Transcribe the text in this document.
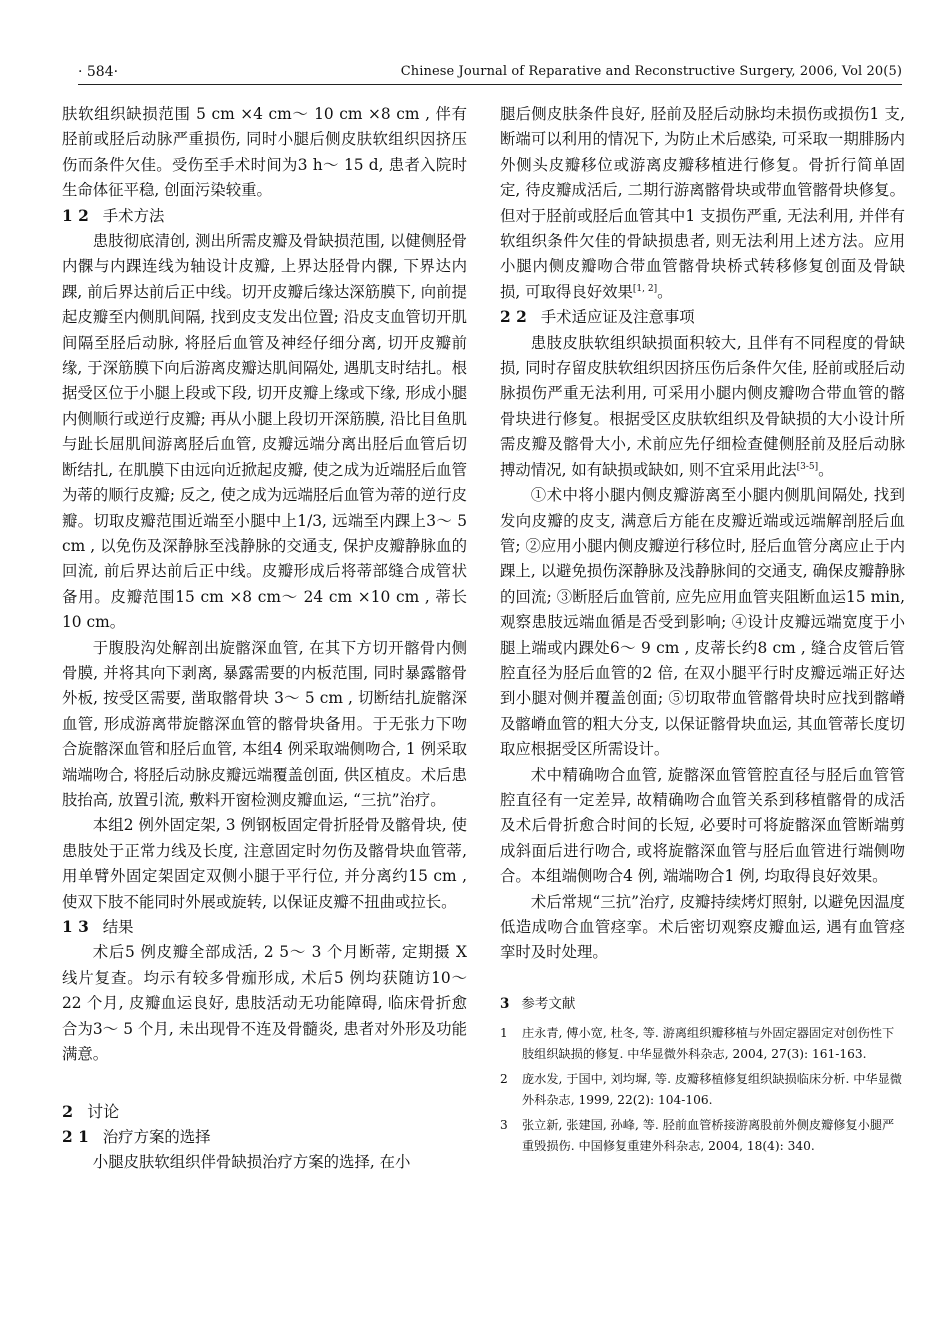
· 584·	Chinese Journal of Reparative and Reconstructive Surgery, 2006, Vol 20(5)

肤软组织缺损范围 5 cm ×4 cm～ 10 cm ×8 cm , 伴有胫前或胫后动脉严重损伤, 同时小腿后侧皮肤软组织因挤压伤而条件欠佳。受伤至手术时间为3 h～ 15 d, 患者入院时生命体征平稳, 创面污染较重。

1 2 手术方法

患肢彻底清创, 测出所需皮瓣及骨缺损范围, 以健侧胫骨内髁与内踝连线为轴设计皮瓣, 上界达胫骨内髁, 下界达内踝, 前后界达前后正中线。切开皮瓣后缘达深筋膜下, 向前提起皮瓣至内侧肌间隔, 找到皮支发出位置; 沿皮支血管切开肌间隔至胫后动脉, 将胫后血管及神经仔细分离, 切开皮瓣前缘, 于深筋膜下向后游离皮瓣达肌间隔处, 遇肌支时结扎。根据受区位于小腿上段或下段, 切开皮瓣上缘或下缘, 形成小腿内侧顺行或逆行皮瓣; 再从小腿上段切开深筋膜, 沿比目鱼肌与趾长屈肌间游离胫后血管, 皮瓣远端分离出胫后血管后切断结扎, 在肌膜下由远向近掀起皮瓣, 使之成为近端胫后血管为蒂的顺行皮瓣; 反之, 使之成为远端胫后血管为蒂的逆行皮瓣。切取皮瓣范围近端至小腿中上1/3, 远端至内踝上3～ 5 cm , 以免伤及深静脉至浅静脉的交通支, 保护皮瓣静脉血的回流, 前后界达前后正中线。皮瓣形成后将蒂部缝合成管状备用。皮瓣范围15 cm ×8 cm～ 24 cm ×10 cm , 蒂长10 cm。

于腹股沟处解剖出旋髂深血管, 在其下方切开髂骨内侧骨膜, 并将其向下剥离, 暴露需要的内板范围, 同时暴露髂骨外板, 按受区需要, 凿取髂骨块 3～ 5 cm , 切断结扎旋髂深血管, 形成游离带旋髂深血管的髂骨块备用。于无张力下吻合旋髂深血管和胫后血管, 本组4 例采取端侧吻合, 1 例采取端端吻合, 将胫后动脉皮瓣远端覆盖创面, 供区植皮。术后患肢抬高, 放置引流, 敷料开窗检测皮瓣血运, “三抗”治疗。

本组2 例外固定架, 3 例钢板固定骨折胫骨及髂骨块, 使患肢处于正常力线及长度, 注意固定时勿伤及髂骨块血管蒂, 用单臂外固定架固定双侧小腿于平行位, 并分离约15 cm , 使双下肢不能同时外展或旋转, 以保证皮瓣不扭曲或拉长。

1 3 结果

术后5 例皮瓣全部成活, 2 5～ 3 个月断蒂, 定期摄 X 线片复查。均示有较多骨痂形成, 术后5 例均获随访10～ 22 个月, 皮瓣血运良好, 患肢活动无功能障碍, 临床骨折愈合为3～ 5 个月, 未出现骨不连及骨髓炎, 患者对外形及功能满意。

2 讨论

2 1 治疗方案的选择

小腿皮肤软组织伴骨缺损治疗方案的选择, 在小

腿后侧皮肤条件良好, 胫前及胫后动脉均未损伤或损伤1 支, 断端可以利用的情况下, 为防止术后感染, 可采取一期腓肠内外侧头皮瓣移位或游离皮瓣移植进行修复。骨折行简单固定, 待皮瓣成活后, 二期行游离髂骨块或带血管髂骨块修复。但对于胫前或胫后血管其中1 支损伤严重, 无法利用, 并伴有软组织条件欠佳的骨缺损患者, 则无法利用上述方法。应用小腿内侧皮瓣吻合带血管髂骨块桥式转移修复创面及骨缺损, 可取得良好效果[1, 2]。

2 2 手术适应证及注意事项

患肢皮肤软组织缺损面积较大, 且伴有不同程度的骨缺损, 同时存留皮肤软组织因挤压伤后条件欠佳, 胫前或胫后动脉损伤严重无法利用, 可采用小腿内侧皮瓣吻合带血管的髂骨块进行修复。根据受区皮肤软组织及骨缺损的大小设计所需皮瓣及髂骨大小, 术前应先仔细检查健侧胫前及胫后动脉搏动情况, 如有缺损或缺如, 则不宜采用此法[3-5]。

①术中将小腿内侧皮瓣游离至小腿内侧肌间隔处, 找到发向皮瓣的皮支, 满意后方能在皮瓣近端或远端解剖胫后血管; ②应用小腿内侧皮瓣逆行移位时, 胫后血管分离应止于内踝上, 以避免损伤深静脉及浅静脉间的交通支, 确保皮瓣静脉的回流; ③断胫后血管前, 应先应用血管夹阻断血运15 min, 观察患肢远端血循是否受到影响; ④设计皮瓣远端宽度于小腿上端或内踝处6～ 9 cm , 皮蒂长约8 cm , 缝合皮管后管腔直径为胫后血管的2 倍, 在双小腿平行时皮瓣远端正好达到小腿对侧并覆盖创面; ⑤切取带血管髂骨块时应找到髂嵴及髂嵴血管的粗大分支, 以保证髂骨块血运, 其血管蒂长度切取应根据受区所需设计。

术中精确吻合血管, 旋髂深血管管腔直径与胫后血管管腔直径有一定差异, 故精确吻合血管关系到移植髂骨的成活及术后骨折愈合时间的长短, 必要时可将旋髂深血管断端剪成斜面后进行吻合, 或将旋髂深血管与胫后血管进行端侧吻合。本组端侧吻合4 例, 端端吻合1 例, 均取得良好效果。

术后常规“三抗”治疗, 皮瓣持续烤灯照射, 以避免因温度低造成吻合血管痉挛。术后密切观察皮瓣血运, 遇有血管痉挛时及时处理。

3 参考文献
1	庄永青, 傅小宽, 杜冬, 等. 游离组织瓣移植与外固定器固定对创伤性下肢组织缺损的修复. 中华显微外科杂志, 2004, 27(3): 161-163.
2	庞水发, 于国中, 刘均墀, 等. 皮瓣移植修复组织缺损临床分析. 中华显微外科杂志, 1999, 22(2): 104-106.
3	张立新, 张建国, 孙峰, 等. 胫前血管桥接游离股前外侧皮瓣修复小腿严重毁损伤. 中国修复重建外科杂志, 2004, 18(4): 340.
